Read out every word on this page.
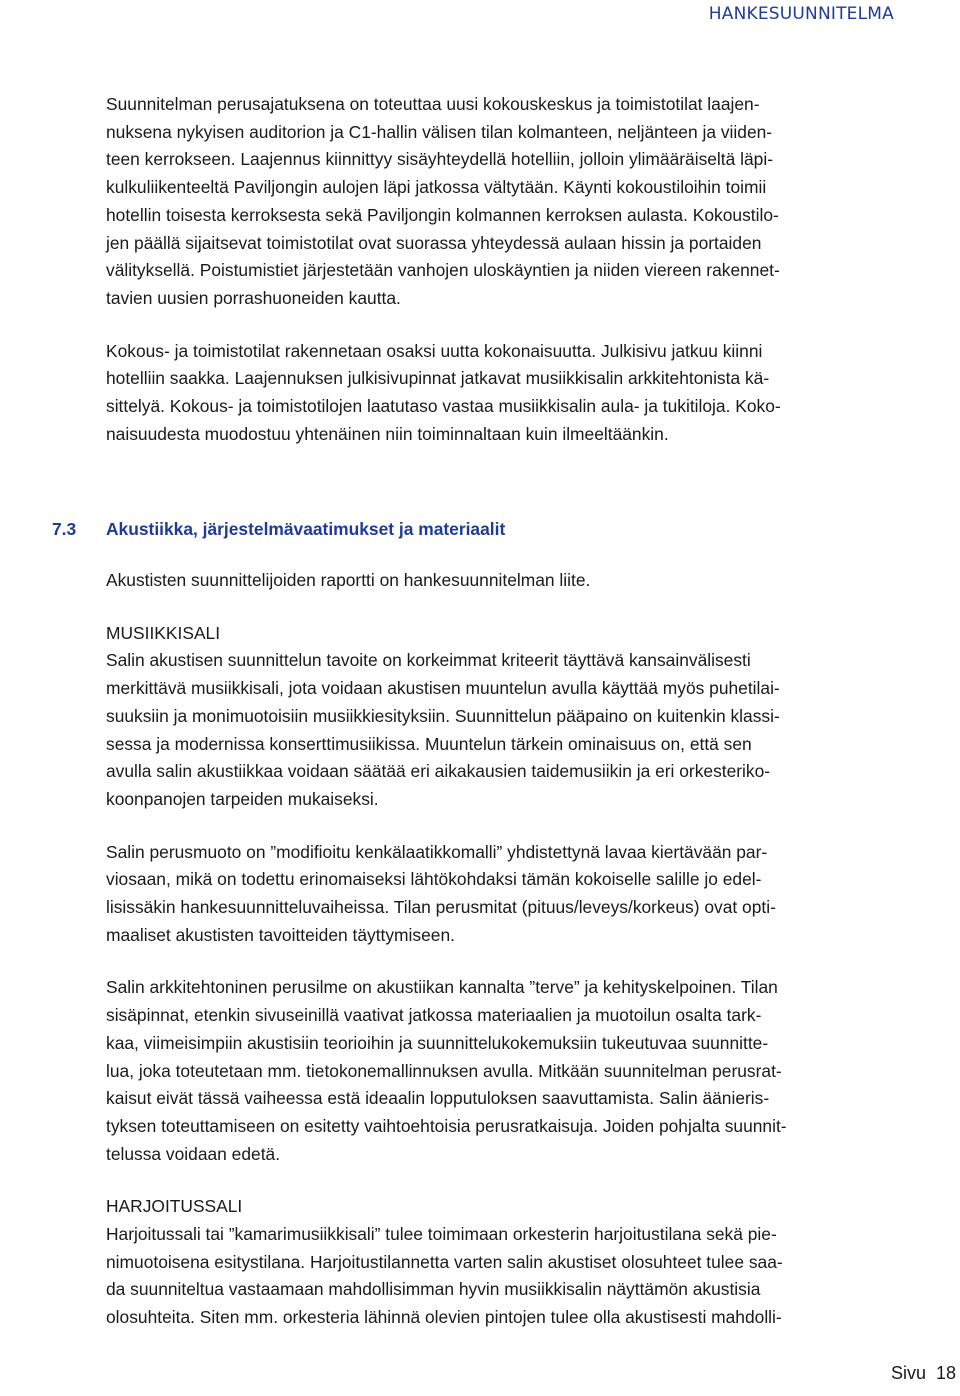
HANKESUUNNITELMA

Suunnitelman perusajatuksena on toteuttaa uusi kokouskeskus ja toimistotilat laajen-
nuksena nykyisen auditorion ja C1-hallin välisen tilan kolmanteen, neljänteen ja viiden-
teen kerrokseen. Laajennus kiinnittyy sisäyhteydellä hotelliin, jolloin ylimääräiseltä läpi-
kulkuliikenteeltä Paviljongin aulojen läpi jatkossa vältytään. Käynti kokoustiloihin toimii
hotellin toisesta kerroksesta sekä Paviljongin kolmannen kerroksen aulasta. Kokoustilo-
jen päällä sijaitsevat toimistotilat ovat suorassa yhteydessä aulaan hissin ja portaiden
välityksellä. Poistumistiet järjestetään vanhojen uloskäyntien ja niiden viereen rakennet-
tavien uusien porrashuoneiden kautta.

Kokous- ja toimistotilat rakennetaan osaksi uutta kokonaisuutta. Julkisivu jatkuu kiinni
hotelliin saakka. Laajennuksen julkisivupinnat jatkavat musiikkisalin arkkitehtonista kä-
sittelyä. Kokous- ja toimistotilojen laatutaso vastaa musiikkisalin aula- ja tukitiloja. Koko-
naisuudesta muodostuu yhtenäinen niin toiminnaltaan kuin ilmeeltäänkin.

7.3 Akustiikka, järjestelmävaatimukset ja materiaalit

Akustisten suunnittelijoiden raportti on hankesuunnitelman liite.

MUSIIKKISALI
Salin akustisen suunnittelun tavoite on korkeimmat kriteerit täyttävä kansainvälisesti
merkittävä musiikkisali, jota voidaan akustisen muuntelun avulla käyttää myös puhetilai-
suuksiin ja monimuotoisiin musiikkiesityksiin. Suunnittelun pääpaino on kuitenkin klassi-
sessa ja modernissa konserttimusiikissa. Muuntelun tärkein ominaisuus on, että sen
avulla salin akustiikkaa voidaan säätää eri aikakausien taidemusiikin ja eri orkesteriko-
koonpanojen tarpeiden mukaiseksi.

Salin perusmuoto on ”modifioitu kenkälaatikkomalli” yhdistettynä lavaa kiertävään par-
viosaan, mikä on todettu erinomaiseksi lähtökohdaksi tämän kokoiselle salille jo edel-
lisissäkin hankesuunnitteluvaiheissa. Tilan perusmitat (pituus/leveys/korkeus) ovat opti-
maaliset akustisten tavoitteiden täyttymiseen.

Salin arkkitehtoninen perusilme on akustiikan kannalta ”terve” ja kehityskelpoinen. Tilan
sisäpinnat, etenkin sivuseinillä vaativat jatkossa materiaalien ja muotoilun osalta tark-
kaa, viimeisimpiin akustisiin teorioihin ja suunnittelukokemuksiin tukeutuvaa suunnitte-
lua, joka toteutetaan mm. tietokonemallinnuksen avulla. Mitkään suunnitelman perusrat-
kaisut eivät tässä vaiheessa estä ideaalin lopputuloksen saavuttamista. Salin äänieris-
tyksen toteuttamiseen on esitetty vaihtoehtoisia perusratkaisuja. Joiden pohjalta suunnit-
telussa voidaan edetä.

HARJOITUSSALI
Harjoitussali tai ”kamarimusiikkisali” tulee toimimaan orkesterin harjoitustilana sekä pie-
nimuotoisena esitystilana. Harjoitustilannetta varten salin akustiset olosuhteet tulee saa-
da suunniteltua vastaamaan mahdollisimman hyvin musiikkisalin näyttämön akustisia
olosuhteita. Siten mm. orkesteria lähinnä olevien pintojen tulee olla akustisesti mahdolli-

Sivu 18
